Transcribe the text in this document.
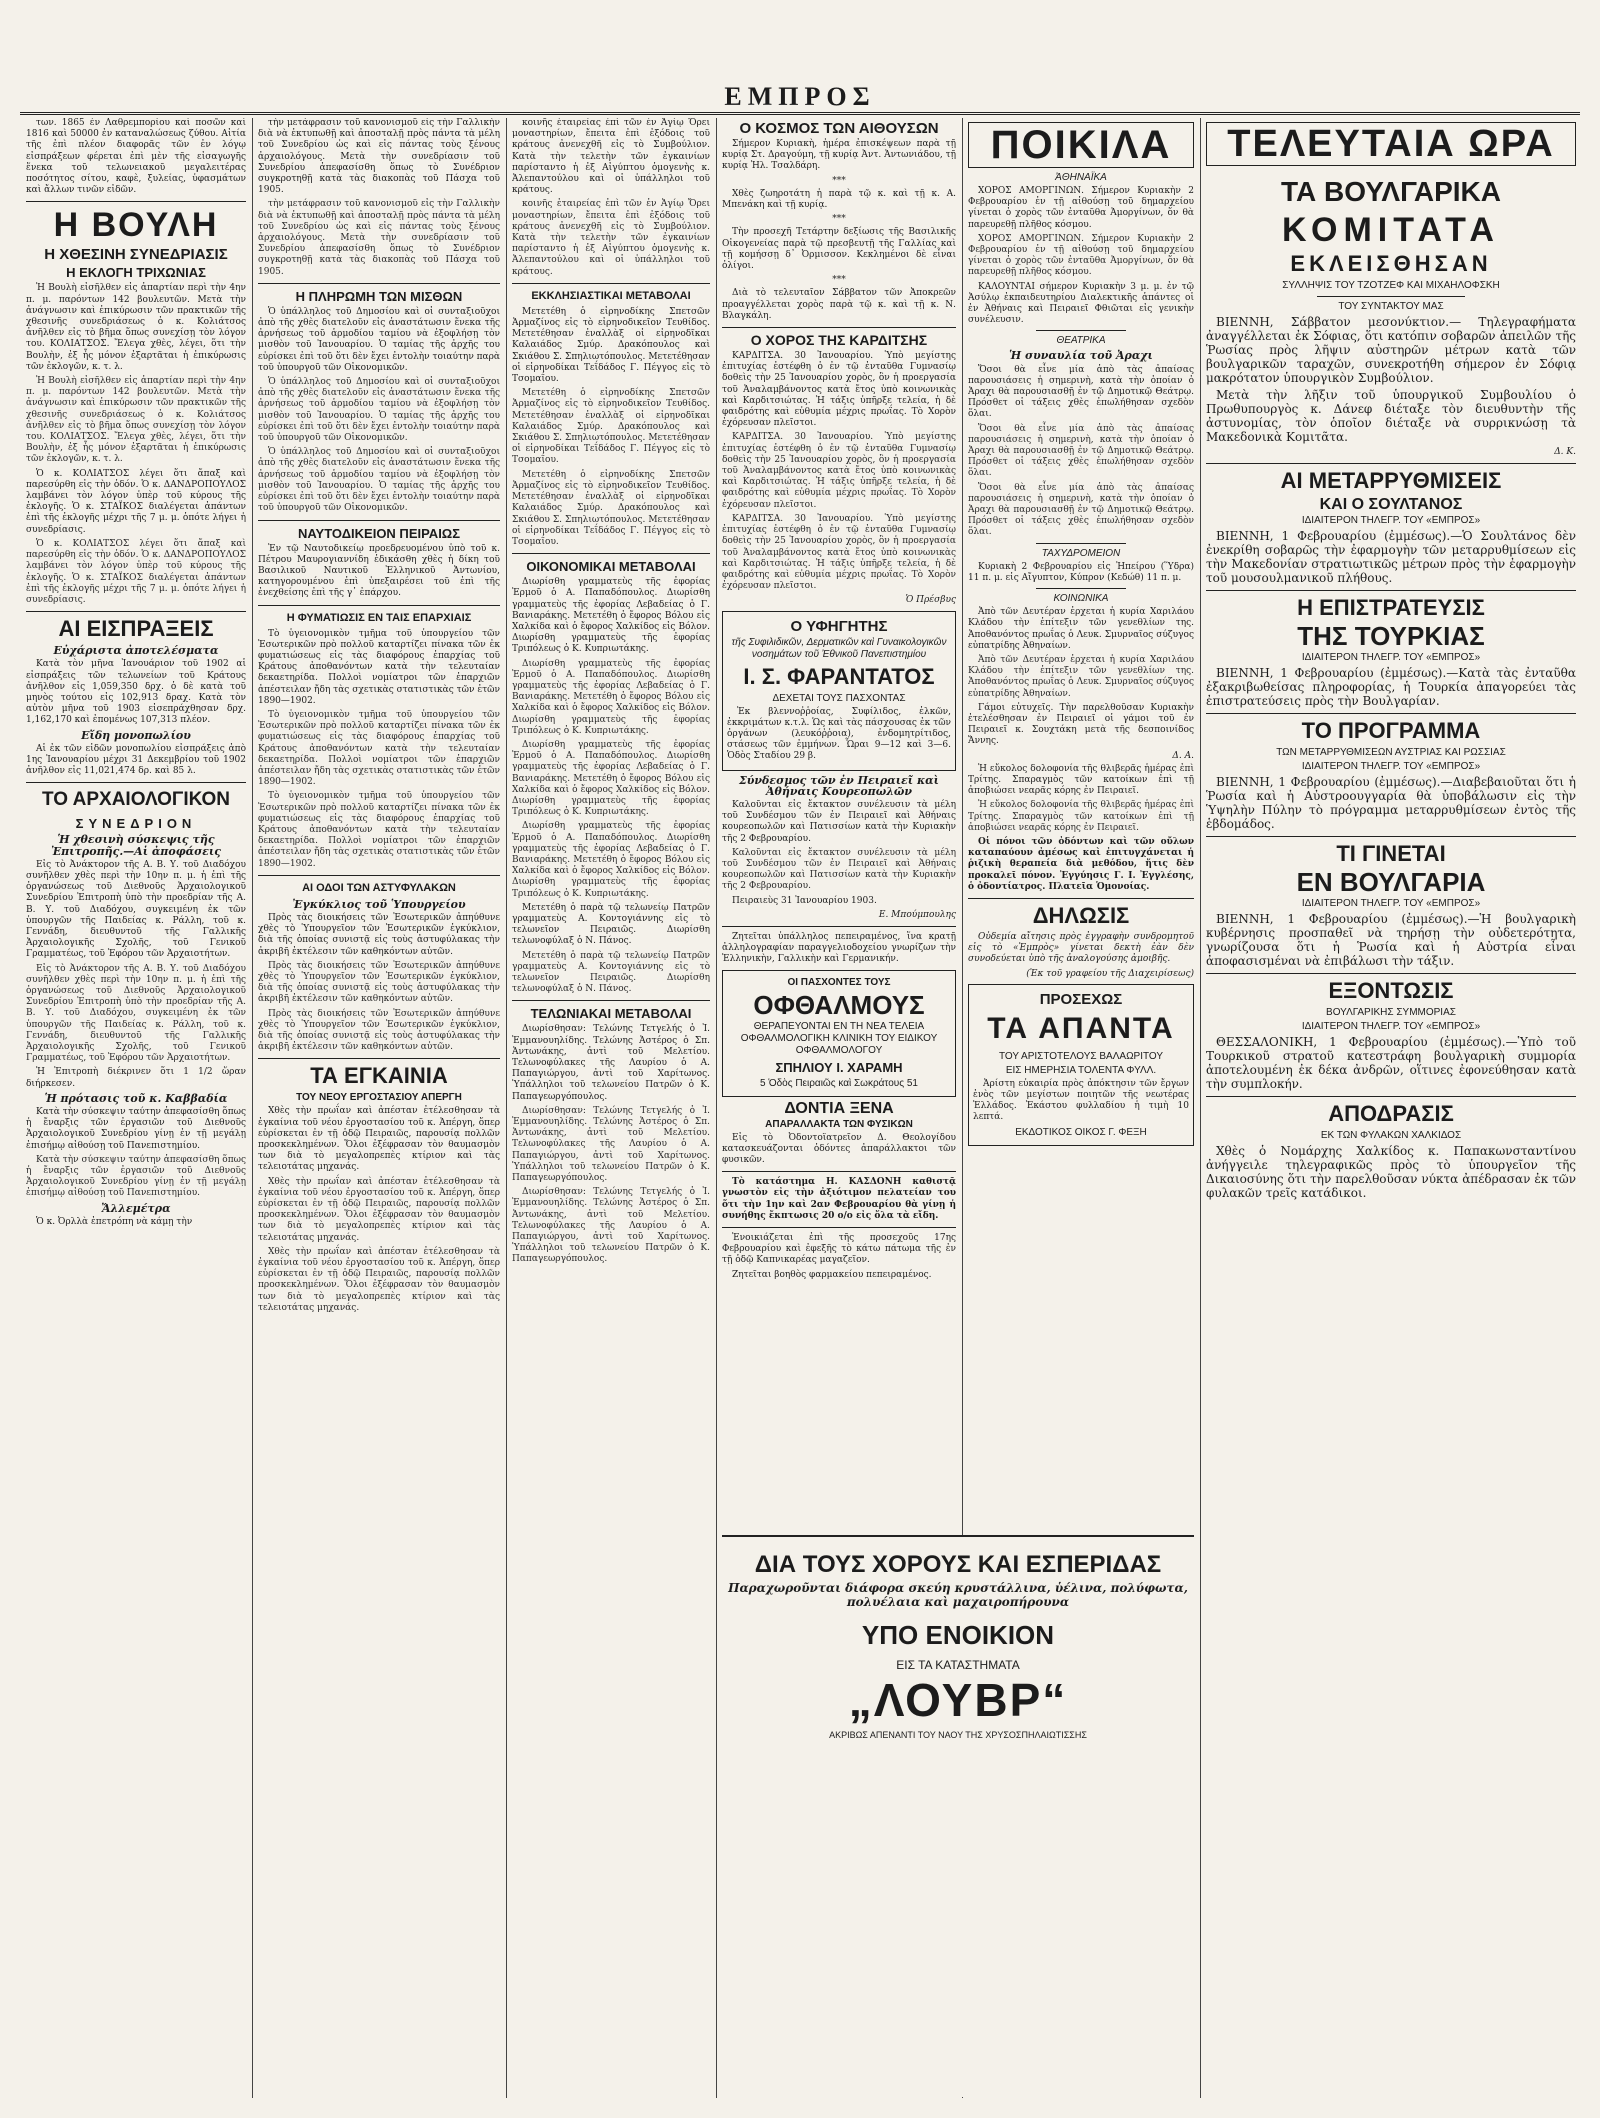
ΕΜΠΡΟΣ

των. 1865 ἐν Λαθρεμπορίου καὶ ποσῶν καὶ 1816 καὶ 50000 ἐν καταναλώσεως ζύθου. Αἰτία τῆς ἐπὶ πλέον διαφορᾶς τῶν ἐν λόγῳ εἰσπράξεων φέρεται ἐπὶ μὲν τῆς εἰσαγωγῆς ἕνεκα τοῦ τελωνειακοῦ μεγαλειτέρας ποσότητος σίτου, καφὲ, ξυλείας, ὑφασμάτων καὶ ἄλλων τινῶν εἰδῶν.

Η ΒΟΥΛΗ
Η ΧΘΕΣΙΝΗ ΣΥΝΕΔΡΙΑΣΙΣ
Η ΕΚΛΟΓΗ ΤΡΙΧΩΝΙΑΣ

Ἡ Βουλὴ εἰσῆλθεν εἰς ἀπαρτίαν περὶ τὴν 4ην π. μ. παρόντων 142 βουλευτῶν. Μετὰ τὴν ἀνάγνωσιν καὶ ἐπικύρωσιν τῶν πρακτικῶν τῆς χθεσινῆς συνεδριάσεως ὁ κ. Κολιάτσος ἀνῆλθεν εἰς τὸ βῆμα ὅπως συνεχίσῃ τὸν λόγον του. ΚΟΛΙΑΤΣΟΣ. Ἔλεγα χθὲς, λέγει, ὅτι τὴν Βουλὴν, ἐξ ἧς μόνον ἐξαρτᾶται ἡ ἐπικύρωσις τῶν ἐκλογῶν, κ. τ. λ.

Ἡ Βουλὴ εἰσῆλθεν εἰς ἀπαρτίαν περὶ τὴν 4ην π. μ. παρόντων 142 βουλευτῶν. Μετὰ τὴν ἀνάγνωσιν καὶ ἐπικύρωσιν τῶν πρακτικῶν τῆς χθεσινῆς συνεδριάσεως ὁ κ. Κολιάτσος ἀνῆλθεν εἰς τὸ βῆμα ὅπως συνεχίσῃ τὸν λόγον του. ΚΟΛΙΑΤΣΟΣ. Ἔλεγα χθὲς, λέγει, ὅτι τὴν Βουλὴν, ἐξ ἧς μόνον ἐξαρτᾶται ἡ ἐπικύρωσις τῶν ἐκλογῶν, κ. τ. λ.

Ὁ κ. ΚΟΛΙΑΤΣΟΣ λέγει ὅτι ἄπαξ καὶ παρεσύρθη εἰς τὴν ὁδόν. Ὁ κ. ΔΑΝΔΡΟΠΟΥΛΟΣ λαμβάνει τὸν λόγον ὑπὲρ τοῦ κύρους τῆς ἐκλογῆς. Ὁ κ. ΣΤΑΪΚΟΣ διαλέγεται ἀπάντων ἐπὶ τῆς ἐκλογῆς μέχρι τῆς 7 μ. μ. ὁπότε λήγει ἡ συνεδρίασις.

Ὁ κ. ΚΟΛΙΑΤΣΟΣ λέγει ὅτι ἄπαξ καὶ παρεσύρθη εἰς τὴν ὁδόν. Ὁ κ. ΔΑΝΔΡΟΠΟΥΛΟΣ λαμβάνει τὸν λόγον ὑπὲρ τοῦ κύρους τῆς ἐκλογῆς. Ὁ κ. ΣΤΑΪΚΟΣ διαλέγεται ἀπάντων ἐπὶ τῆς ἐκλογῆς μέχρι τῆς 7 μ. μ. ὁπότε λήγει ἡ συνεδρίασις.

ΑΙ ΕΙΣΠΡΑΞΕΙΣ
Εὐχάριστα ἀποτελέσματα

Κατὰ τὸν μῆνα Ἰανουάριον τοῦ 1902 αἱ εἰσπράξεις τῶν τελωνείων τοῦ Κράτους ἀνῆλθον εἰς 1,059,350 δρχ. ὁ δὲ κατὰ τοῦ μηνὸς τούτου εἰς 102,913 δραχ. Κατὰ τὸν αὐτὸν μῆνα τοῦ 1903 εἰσεπράχθησαν δρχ. 1,162,170 καὶ ἐπομένως 107,313 πλέον.

Εἴδη μονοπωλίου

Αἱ ἐκ τῶν εἰδῶν μονοπωλίου εἰσπράξεις ἀπὸ 1ης Ἰανουαρίου μέχρι 31 Δεκεμβρίου τοῦ 1902 ἀνῆλθον εἰς 11,021,474 δρ. καὶ 85 λ.

ΤΟ ΑΡΧΑΙΟΛΟΓΙΚΟΝ
ΣΥΝΕΔΡΙΟΝ
Ἡ χθεσινὴ σύσκεψις τῆς Ἐπιτροπῆς.—Αἱ ἀποφάσεις

Εἰς τὸ Ἀνάκτορον τῆς Α. Β. Υ. τοῦ Διαδόχου συνῆλθεν χθὲς περὶ τὴν 10ην π. μ. ἡ ἐπὶ τῆς ὀργανώσεως τοῦ Διεθνοῦς Ἀρχαιολογικοῦ Συνεδρίου Ἐπιτροπὴ ὑπὸ τὴν προεδρίαν τῆς Α. Β. Υ. τοῦ Διαδόχου, συγκειμένη ἐκ τῶν ὑπουργῶν τῆς Παιδείας κ. Ράλλη, τοῦ κ. Γεννάδη, διευθυντοῦ τῆς Γαλλικῆς Ἀρχαιολογικῆς Σχολῆς, τοῦ Γενικοῦ Γραμματέως, τοῦ Ἐφόρου τῶν Ἀρχαιοτήτων.

Εἰς τὸ Ἀνάκτορον τῆς Α. Β. Υ. τοῦ Διαδόχου συνῆλθεν χθὲς περὶ τὴν 10ην π. μ. ἡ ἐπὶ τῆς ὀργανώσεως τοῦ Διεθνοῦς Ἀρχαιολογικοῦ Συνεδρίου Ἐπιτροπὴ ὑπὸ τὴν προεδρίαν τῆς Α. Β. Υ. τοῦ Διαδόχου, συγκειμένη ἐκ τῶν ὑπουργῶν τῆς Παιδείας κ. Ράλλη, τοῦ κ. Γεννάδη, διευθυντοῦ τῆς Γαλλικῆς Ἀρχαιολογικῆς Σχολῆς, τοῦ Γενικοῦ Γραμματέως, τοῦ Ἐφόρου τῶν Ἀρχαιοτήτων.

Ἡ Ἐπιτροπὴ διέκρινεν ὅτι 1 1/2 ὥραν διήρκεσεν.

Ἡ πρότασις τοῦ κ. Καββαδία

Κατὰ τὴν σύσκεψιν ταύτην ἀπεφασίσθη ὅπως ἡ ἔναρξις τῶν ἐργασιῶν τοῦ Διεθνοῦς Ἀρχαιολογικοῦ Συνεδρίου γίνῃ ἐν τῇ μεγάλῃ ἐπισήμῳ αἰθούσῃ τοῦ Πανεπιστημίου.

Κατὰ τὴν σύσκεψιν ταύτην ἀπεφασίσθη ὅπως ἡ ἔναρξις τῶν ἐργασιῶν τοῦ Διεθνοῦς Ἀρχαιολογικοῦ Συνεδρίου γίνῃ ἐν τῇ μεγάλῃ ἐπισήμῳ αἰθούσῃ τοῦ Πανεπιστημίου.

Ἄλλεμέτρα

Ὁ κ. Ὀρλλὰ ἐπετρόπη νὰ κάμῃ τὴν

τὴν μετάφρασιν τοῦ κανονισμοῦ εἰς τὴν Γαλλικὴν διὰ νὰ ἐκτυπωθῇ καὶ ἀποσταλῇ πρὸς πάντα τὰ μέλη τοῦ Συνεδρίου ὡς καὶ εἰς πάντας τοὺς ξένους ἀρχαιολόγους. Μετὰ τὴν συνεδρίασιν τοῦ Συνεδρίου ἀπεφασίσθη ὅπως τὸ Συνέδριον συγκροτηθῇ κατὰ τὰς διακοπὰς τοῦ Πάσχα τοῦ 1905.

τὴν μετάφρασιν τοῦ κανονισμοῦ εἰς τὴν Γαλλικὴν διὰ νὰ ἐκτυπωθῇ καὶ ἀποσταλῇ πρὸς πάντα τὰ μέλη τοῦ Συνεδρίου ὡς καὶ εἰς πάντας τοὺς ξένους ἀρχαιολόγους. Μετὰ τὴν συνεδρίασιν τοῦ Συνεδρίου ἀπεφασίσθη ὅπως τὸ Συνέδριον συγκροτηθῇ κατὰ τὰς διακοπὰς τοῦ Πάσχα τοῦ 1905.

Η ΠΛΗΡΩΜΗ ΤΩΝ ΜΙΣΘΩΝ

Ὁ ὑπάλληλος τοῦ Δημοσίου καὶ οἱ συνταξιοῦχοι ἀπὸ τῆς χθὲς διατελοῦν εἰς ἀναστάτωσιν ἕνεκα τῆς ἀρνήσεως τοῦ ἁρμοδίου ταμίου νὰ ἐξοφλήσῃ τὸν μισθὸν τοῦ Ἰανουαρίου. Ὁ ταμίας τῆς ἀρχῆς του εὑρίσκει ἐπὶ τοῦ ὅτι δὲν ἔχει ἐντολὴν τοιαύτην παρὰ τοῦ ὑπουργοῦ τῶν Οἰκονομικῶν.

Ὁ ὑπάλληλος τοῦ Δημοσίου καὶ οἱ συνταξιοῦχοι ἀπὸ τῆς χθὲς διατελοῦν εἰς ἀναστάτωσιν ἕνεκα τῆς ἀρνήσεως τοῦ ἁρμοδίου ταμίου νὰ ἐξοφλήσῃ τὸν μισθὸν τοῦ Ἰανουαρίου. Ὁ ταμίας τῆς ἀρχῆς του εὑρίσκει ἐπὶ τοῦ ὅτι δὲν ἔχει ἐντολὴν τοιαύτην παρὰ τοῦ ὑπουργοῦ τῶν Οἰκονομικῶν.

Ὁ ὑπάλληλος τοῦ Δημοσίου καὶ οἱ συνταξιοῦχοι ἀπὸ τῆς χθὲς διατελοῦν εἰς ἀναστάτωσιν ἕνεκα τῆς ἀρνήσεως τοῦ ἁρμοδίου ταμίου νὰ ἐξοφλήσῃ τὸν μισθὸν τοῦ Ἰανουαρίου. Ὁ ταμίας τῆς ἀρχῆς του εὑρίσκει ἐπὶ τοῦ ὅτι δὲν ἔχει ἐντολὴν τοιαύτην παρὰ τοῦ ὑπουργοῦ τῶν Οἰκονομικῶν.

ΝΑΥΤΟΔΙΚΕΙΟΝ ΠΕΙΡΑΙΩΣ

Ἐν τῷ Ναυτοδικείῳ προεδρευομένου ὑπὸ τοῦ κ. Πέτρου Μαυρογιαννίδη ἐδικάσθη χθὲς ἡ δίκη τοῦ Βασιλικοῦ Ναυτικοῦ Ἐλληνικοῦ Ἀντωνίου, κατηγορουμένου ἐπὶ ὑπεξαιρέσει τοῦ ἐπὶ τῆς ἐνεχθείσης ἐπὶ τῆς γ᾽ ἐπάρχου.

Η ΦΥΜΑΤΙΩΣΙΣ ΕΝ ΤΑΙΣ ΕΠΑΡΧΙΑΙΣ

Τὸ ὑγειονομικὸν τμῆμα τοῦ ὑπουργείου τῶν Ἐσωτερικῶν πρὸ πολλοῦ καταρτίζει πίνακα τῶν ἐκ φυματιώσεως εἰς τὰς διαφόρους ἐπαρχίας τοῦ Κράτους ἀποθανόντων κατὰ τὴν τελευταίαν δεκαετηρίδα. Πολλοὶ νομίατροι τῶν ἐπαρχιῶν ἀπέστειλαν ἤδη τὰς σχετικὰς στατιστικὰς τῶν ἐτῶν 1890—1902.

Τὸ ὑγειονομικὸν τμῆμα τοῦ ὑπουργείου τῶν Ἐσωτερικῶν πρὸ πολλοῦ καταρτίζει πίνακα τῶν ἐκ φυματιώσεως εἰς τὰς διαφόρους ἐπαρχίας τοῦ Κράτους ἀποθανόντων κατὰ τὴν τελευταίαν δεκαετηρίδα. Πολλοὶ νομίατροι τῶν ἐπαρχιῶν ἀπέστειλαν ἤδη τὰς σχετικὰς στατιστικὰς τῶν ἐτῶν 1890—1902.

Τὸ ὑγειονομικὸν τμῆμα τοῦ ὑπουργείου τῶν Ἐσωτερικῶν πρὸ πολλοῦ καταρτίζει πίνακα τῶν ἐκ φυματιώσεως εἰς τὰς διαφόρους ἐπαρχίας τοῦ Κράτους ἀποθανόντων κατὰ τὴν τελευταίαν δεκαετηρίδα. Πολλοὶ νομίατροι τῶν ἐπαρχιῶν ἀπέστειλαν ἤδη τὰς σχετικὰς στατιστικὰς τῶν ἐτῶν 1890—1902.

ΑΙ ΟΔΟΙ ΤΩΝ ΑΣΤΥΦΥΛΑΚΩΝ
Ἐγκύκλιος τοῦ Ὑπουργείου

Πρὸς τὰς διοικήσεις τῶν Ἐσωτερικῶν ἀπηύθυνε χθὲς τὸ Ὑπουργεῖον τῶν Ἐσωτερικῶν ἐγκύκλιον, διὰ τῆς ὁποίας συνιστᾷ εἰς τοὺς ἀστυφύλακας τὴν ἀκριβῆ ἐκτέλεσιν τῶν καθηκόντων αὐτῶν.

Πρὸς τὰς διοικήσεις τῶν Ἐσωτερικῶν ἀπηύθυνε χθὲς τὸ Ὑπουργεῖον τῶν Ἐσωτερικῶν ἐγκύκλιον, διὰ τῆς ὁποίας συνιστᾷ εἰς τοὺς ἀστυφύλακας τὴν ἀκριβῆ ἐκτέλεσιν τῶν καθηκόντων αὐτῶν.

Πρὸς τὰς διοικήσεις τῶν Ἐσωτερικῶν ἀπηύθυνε χθὲς τὸ Ὑπουργεῖον τῶν Ἐσωτερικῶν ἐγκύκλιον, διὰ τῆς ὁποίας συνιστᾷ εἰς τοὺς ἀστυφύλακας τὴν ἀκριβῆ ἐκτέλεσιν τῶν καθηκόντων αὐτῶν.

ΤΑ ΕΓΚΑΙΝΙΑ
ΤΟΥ ΝΕΟΥ ΕΡΓΟΣΤΑΣΙΟΥ ΑΠΕΡΓΗ

Χθὲς τὴν πρωΐαν καὶ ἀπέσταν ἐτέλεσθησαν τὰ ἐγκαίνια τοῦ νέου ἐργοστασίου τοῦ κ. Ἀπέργη, ὅπερ εὑρίσκεται ἐν τῇ ὁδῷ Πειραιῶς, παρουσίᾳ πολλῶν προσκεκλημένων. Ὅλοι ἐξέφρασαν τὸν θαυμασμὸν των διὰ τὸ μεγαλοπρεπὲς κτίριον καὶ τὰς τελειοτάτας μηχανάς.

Χθὲς τὴν πρωΐαν καὶ ἀπέσταν ἐτέλεσθησαν τὰ ἐγκαίνια τοῦ νέου ἐργοστασίου τοῦ κ. Ἀπέργη, ὅπερ εὑρίσκεται ἐν τῇ ὁδῷ Πειραιῶς, παρουσίᾳ πολλῶν προσκεκλημένων. Ὅλοι ἐξέφρασαν τὸν θαυμασμὸν των διὰ τὸ μεγαλοπρεπὲς κτίριον καὶ τὰς τελειοτάτας μηχανάς.

Χθὲς τὴν πρωΐαν καὶ ἀπέσταν ἐτέλεσθησαν τὰ ἐγκαίνια τοῦ νέου ἐργοστασίου τοῦ κ. Ἀπέργη, ὅπερ εὑρίσκεται ἐν τῇ ὁδῷ Πειραιῶς, παρουσίᾳ πολλῶν προσκεκλημένων. Ὅλοι ἐξέφρασαν τὸν θαυμασμὸν των διὰ τὸ μεγαλοπρεπὲς κτίριον καὶ τὰς τελειοτάτας μηχανάς.

κοινῆς ἑταιρείας ἐπὶ τῶν ἐν Ἀγίῳ Ὄρει μοναστηρίων, ἔπειτα ἐπὶ ἐξόδοις τοῦ κράτους ἀνενεχθῆ εἰς τὸ Συμβούλιον. Κατὰ τὴν τελετὴν τῶν ἐγκαινίων παρίσταντο ἡ ἐξ Αἰγύπτου ὁμογενὴς κ. Ἀλεπαντούλου καὶ οἱ ὑπάλληλοι τοῦ κράτους.

κοινῆς ἑταιρείας ἐπὶ τῶν ἐν Ἀγίῳ Ὄρει μοναστηρίων, ἔπειτα ἐπὶ ἐξόδοις τοῦ κράτους ἀνενεχθῆ εἰς τὸ Συμβούλιον. Κατὰ τὴν τελετὴν τῶν ἐγκαινίων παρίσταντο ἡ ἐξ Αἰγύπτου ὁμογενὴς κ. Ἀλεπαντούλου καὶ οἱ ὑπάλληλοι τοῦ κράτους.

ΕΚΚΛΗΣΙΑΣΤΙΚΑΙ ΜΕΤΑΒΟΛΑΙ

Μετετέθη ὁ εἰρηνοδίκης Σπετσῶν Ἀρμαζίνος εἰς τὸ εἰρηνοδικεῖον Τευθίδος. Μετετέθησαν ἐναλλὰξ οἱ εἰρηνοδῖκαι Καλαιάδος Σμύρ. Δρακόπουλος καὶ Σκιάθου Σ. Σπηλιωτόπουλος. Μετετέθησαν οἱ εἰρηνοδίκαι Τεΐδάδος Γ. Πέγγος εἰς τὸ Τσομαΐου.

Μετετέθη ὁ εἰρηνοδίκης Σπετσῶν Ἀρμαζίνος εἰς τὸ εἰρηνοδικεῖον Τευθίδος. Μετετέθησαν ἐναλλὰξ οἱ εἰρηνοδῖκαι Καλαιάδος Σμύρ. Δρακόπουλος καὶ Σκιάθου Σ. Σπηλιωτόπουλος. Μετετέθησαν οἱ εἰρηνοδίκαι Τεΐδάδος Γ. Πέγγος εἰς τὸ Τσομαΐου.

Μετετέθη ὁ εἰρηνοδίκης Σπετσῶν Ἀρμαζίνος εἰς τὸ εἰρηνοδικεῖον Τευθίδος. Μετετέθησαν ἐναλλὰξ οἱ εἰρηνοδῖκαι Καλαιάδος Σμύρ. Δρακόπουλος καὶ Σκιάθου Σ. Σπηλιωτόπουλος. Μετετέθησαν οἱ εἰρηνοδίκαι Τεΐδάδος Γ. Πέγγος εἰς τὸ Τσομαΐου.

ΟΙΚΟΝΟΜΙΚΑΙ ΜΕΤΑΒΟΛΑΙ

Διωρίσθη γραμματεὺς τῆς ἐφορίας Ἐρμοῦ ὁ Α. Παπαδόπουλος. Διωρίσθη γραμματεὺς τῆς ἐφορίας Λεβαδείας ὁ Γ. Βανιαράκης. Μετετέθη ὁ ἔφορος Βόλου εἰς Χαλκίδα καὶ ὁ ἔφορος Χαλκίδος εἰς Βόλον. Διωρίσθη γραμματεὺς τῆς ἐφορίας Τριπόλεως ὁ Κ. Κυπριωτάκης.

Διωρίσθη γραμματεὺς τῆς ἐφορίας Ἐρμοῦ ὁ Α. Παπαδόπουλος. Διωρίσθη γραμματεὺς τῆς ἐφορίας Λεβαδείας ὁ Γ. Βανιαράκης. Μετετέθη ὁ ἔφορος Βόλου εἰς Χαλκίδα καὶ ὁ ἔφορος Χαλκίδος εἰς Βόλον. Διωρίσθη γραμματεὺς τῆς ἐφορίας Τριπόλεως ὁ Κ. Κυπριωτάκης.

Διωρίσθη γραμματεὺς τῆς ἐφορίας Ἐρμοῦ ὁ Α. Παπαδόπουλος. Διωρίσθη γραμματεὺς τῆς ἐφορίας Λεβαδείας ὁ Γ. Βανιαράκης. Μετετέθη ὁ ἔφορος Βόλου εἰς Χαλκίδα καὶ ὁ ἔφορος Χαλκίδος εἰς Βόλον. Διωρίσθη γραμματεὺς τῆς ἐφορίας Τριπόλεως ὁ Κ. Κυπριωτάκης.

Διωρίσθη γραμματεὺς τῆς ἐφορίας Ἐρμοῦ ὁ Α. Παπαδόπουλος. Διωρίσθη γραμματεὺς τῆς ἐφορίας Λεβαδείας ὁ Γ. Βανιαράκης. Μετετέθη ὁ ἔφορος Βόλου εἰς Χαλκίδα καὶ ὁ ἔφορος Χαλκίδος εἰς Βόλον. Διωρίσθη γραμματεὺς τῆς ἐφορίας Τριπόλεως ὁ Κ. Κυπριωτάκης.

Μετετέθη ὁ παρὰ τῷ τελωνείῳ Πατρῶν γραμματεὺς Α. Κοντογιάννης εἰς τὸ τελωνεῖον Πειραιῶς. Διωρίσθη τελωνοφύλαξ ὁ Ν. Πάνος.

Μετετέθη ὁ παρὰ τῷ τελωνείῳ Πατρῶν γραμματεὺς Α. Κοντογιάννης εἰς τὸ τελωνεῖον Πειραιῶς. Διωρίσθη τελωνοφύλαξ ὁ Ν. Πάνος.

ΤΕΛΩΝΙΑΚΑΙ ΜΕΤΑΒΟΛΑΙ

Διωρίσθησαν: Τελώνης Τετγελής ὁ Ἰ. Ἐμμανουηλίδης. Τελώνης Ἀστέρος ὁ Σπ. Ἀντωνάκης, ἀντὶ τοῦ Μελετίου. Τελωνοφύλακες τῆς Λαυρίου ὁ Α. Παπαγιώργου, ἀντὶ τοῦ Χαρίτωνος. Ὑπάλληλοι τοῦ τελωνείου Πατρῶν ὁ Κ. Παπαγεωργόπουλος.

Διωρίσθησαν: Τελώνης Τετγελής ὁ Ἰ. Ἐμμανουηλίδης. Τελώνης Ἀστέρος ὁ Σπ. Ἀντωνάκης, ἀντὶ τοῦ Μελετίου. Τελωνοφύλακες τῆς Λαυρίου ὁ Α. Παπαγιώργου, ἀντὶ τοῦ Χαρίτωνος. Ὑπάλληλοι τοῦ τελωνείου Πατρῶν ὁ Κ. Παπαγεωργόπουλος.

Διωρίσθησαν: Τελώνης Τετγελής ὁ Ἰ. Ἐμμανουηλίδης. Τελώνης Ἀστέρος ὁ Σπ. Ἀντωνάκης, ἀντὶ τοῦ Μελετίου. Τελωνοφύλακες τῆς Λαυρίου ὁ Α. Παπαγιώργου, ἀντὶ τοῦ Χαρίτωνος. Ὑπάλληλοι τοῦ τελωνείου Πατρῶν ὁ Κ. Παπαγεωργόπουλος.

Ο ΚΟΣΜΟΣ ΤΩΝ ΑΙΘΟΥΣΩΝ

Σήμερον Κυριακὴ, ἡμέρα ἐπισκέψεων παρὰ τῇ κυρίᾳ Στ. Δραγούμη, τῇ κυρίᾳ Ἀντ. Ἀντωνιάδου, τῇ κυρίᾳ Ἡλ. Τσαλδάρη.

***

Χθὲς ζωηροτάτη ἡ παρὰ τῷ κ. καὶ τῇ κ. Α. Μπενάκη καὶ τῇ κυρίᾳ.

***

Τὴν προσεχῆ Τετάρτην δεξίωσις τῆς Βασιλικῆς Οἰκογενείας παρὰ τῷ πρεσβευτῇ τῆς Γαλλίας καὶ τῇ κομήσσῃ δ᾽ Ὀρμισσον. Κεκλημένοι δὲ εἶναι ὀλίγοι.

***

Διὰ τὸ τελευταῖον Σάββατον τῶν Ἀποκρεῶν προαγγέλλεται χορὸς παρὰ τῷ κ. καὶ τῇ κ. Ν. Βλαγκάλη.

Ο ΧΟΡΟΣ ΤΗΣ ΚΑΡΔΙΤΣΗΣ

ΚΑΡΔΙΤΣΑ. 30 Ἰανουαρίου. Ὑπὸ μεγίστης ἐπιτυχίας ἐστέφθη ὁ ἐν τῷ ἐνταῦθα Γυμνασίῳ δοθεὶς τὴν 25 Ἰανουαρίου χορὸς, ὃν ἡ προεργασία τοῦ Ἀναλαμβάνοντος κατὰ ἔτος ὑπὸ κοινωνικὰς καὶ Καρδιτσιώτας. Ἡ τάξις ὑπῆρξε τελεία, ἡ δὲ φαιδρότης καὶ εὐθυμία μέχρις πρωΐας. Τὸ Χορὸν ἐχόρευσαν πλεῖστοι.

ΚΑΡΔΙΤΣΑ. 30 Ἰανουαρίου. Ὑπὸ μεγίστης ἐπιτυχίας ἐστέφθη ὁ ἐν τῷ ἐνταῦθα Γυμνασίῳ δοθεὶς τὴν 25 Ἰανουαρίου χορὸς, ὃν ἡ προεργασία τοῦ Ἀναλαμβάνοντος κατὰ ἔτος ὑπὸ κοινωνικὰς καὶ Καρδιτσιώτας. Ἡ τάξις ὑπῆρξε τελεία, ἡ δὲ φαιδρότης καὶ εὐθυμία μέχρις πρωΐας. Τὸ Χορὸν ἐχόρευσαν πλεῖστοι.

ΚΑΡΔΙΤΣΑ. 30 Ἰανουαρίου. Ὑπὸ μεγίστης ἐπιτυχίας ἐστέφθη ὁ ἐν τῷ ἐνταῦθα Γυμνασίῳ δοθεὶς τὴν 25 Ἰανουαρίου χορὸς, ὃν ἡ προεργασία τοῦ Ἀναλαμβάνοντος κατὰ ἔτος ὑπὸ κοινωνικὰς καὶ Καρδιτσιώτας. Ἡ τάξις ὑπῆρξε τελεία, ἡ δὲ φαιδρότης καὶ εὐθυμία μέχρις πρωΐας. Τὸ Χορὸν ἐχόρευσαν πλεῖστοι.

Ὁ Πρέσβυς
Ο ΥΦΗΓΗΤΗΣ
τῆς Συφιλιδικῶν, Δερματικῶν καὶ Γυναικολογικῶν νοσημάτων τοῦ Ἐθνικοῦ Πανεπιστημίου
Ι. Σ. ΦΑΡΑΝΤΑΤΟΣ
ΔΕΧΕΤΑΙ ΤΟΥΣ ΠΑΣΧΟΝΤΑΣ

Ἐκ βλεννοῤῥοίας, Συφίλιδος, ἑλκῶν, ἐκκριμάτων κ.τ.λ. Ὡς καὶ τὰς πάσχουσας ἐκ τῶν ὀργάνων (λευκόῤῥοια), ἐνδομητρίτιδος, στάσεως τῶν ἐμμήνων. Ὧραι 9—12 καὶ 3—6. Ὁδὸς Σταδίου 29 β.

Σύνδεσμος τῶν ἐν Πειραιεῖ καὶ Ἀθήναις Κουρεοπωλῶν

Καλοῦνται εἰς ἔκτακτον συνέλευσιν τὰ μέλη τοῦ Συνδέσμου τῶν ἐν Πειραιεῖ καὶ Ἀθήναις κουρεοπωλῶν καὶ Πατισσίων κατὰ τὴν Κυριακὴν τῆς 2 Φεβρουαρίου.

Καλοῦνται εἰς ἔκτακτον συνέλευσιν τὰ μέλη τοῦ Συνδέσμου τῶν ἐν Πειραιεῖ καὶ Ἀθήναις κουρεοπωλῶν καὶ Πατισσίων κατὰ τὴν Κυριακὴν τῆς 2 Φεβρουαρίου.

Πειραιεὺς 31 Ἰανουαρίου 1903.

Ε. Μπούμπουλης

Ζητεῖται ὑπάλληλος πεπειραμένος, ἵνα κρατῇ ἀλληλογραφίαν παραγγελιοδοχείου γνωρίζων τὴν Ἑλληνικὴν, Γαλλικὴν καὶ Γερμανικήν.

ΟΙ ΠΑΣΧΟΝΤΕΣ ΤΟΥΣ
ΟΦΘΑΛΜΟΥΣ
ΘΕΡΑΠΕΥΟΝΤΑΙ ΕΝ ΤΗ ΝΕΑ ΤΕΛΕΙΑ ΟΦΘΑΛΜΟΛΟΓΙΚΗ ΚΛΙΝΙΚΗ ΤΟΥ ΕΙΔΙΚΟΥ ΟΦΘΑΛΜΟΛΟΓΟΥ
ΣΠΗΛΙΟΥ Ι. ΧΑΡΑΜΗ
5 Ὁδὸς Πειραιῶς καὶ Σωκράτους 51
ΔΟΝΤΙΑ ΞΕΝΑ
ΑΠΑΡΑΛΛΑΚΤΑ ΤΩΝ ΦΥΣΙΚΩΝ

Εἰς τὸ Ὀδοντοϊατρεῖον Δ. Θεολογίδου κατασκευάζονται ὀδόντες ἀπαράλλακτοι τῶν φυσικῶν.

Τὸ κατάστημα Η. ΚΑΣΔΟΝΗ καθιστᾷ γνωστὸν εἰς τὴν ἀξιότιμον πελατείαν του ὅτι τὴν 1ην καὶ 2αν Φεβρουαρίου θὰ γίνῃ ἡ συνήθης ἔκπτωσις 20 ο/ο εἰς ὅλα τὰ εἴδη.

Ἐνοικιάζεται ἐπὶ τῆς προσεχοῦς 17ης Φεβρουαρίου καὶ ἐφεξῆς τὸ κάτω πάτωμα τῆς ἐν τῇ ὁδῷ Καπνικαρέας μαγαζεῖον.

Ζητεῖται βοηθὸς φαρμακείου πεπειραμένος.

ΠΟΙΚΙΛΑ
ἈΘΗΝΑΪΚΑ

ΧΟΡΟΣ ΑΜΟΡΓΙΝΩΝ. Σήμερον Κυριακὴν 2 Φεβρουαρίου ἐν τῇ αἰθούσῃ τοῦ δημαρχείου γίνεται ὁ χορὸς τῶν ἐνταῦθα Ἀμοργίνων, ὅν θὰ παρευρεθῇ πλῆθος κόσμου.

ΧΟΡΟΣ ΑΜΟΡΓΙΝΩΝ. Σήμερον Κυριακὴν 2 Φεβρουαρίου ἐν τῇ αἰθούσῃ τοῦ δημαρχείου γίνεται ὁ χορὸς τῶν ἐνταῦθα Ἀμοργίνων, ὅν θὰ παρευρεθῇ πλῆθος κόσμου.

ΚΑΛΟΥΝΤΑΙ σήμερον Κυριακὴν 3 μ. μ. ἐν τῷ Ἀσύλῳ ἐκπαιδευτηρίου Διαλεκτικῆς ἁπάντες οἱ ἐν Ἀθήναις καὶ Πειραιεῖ Φθιῶται εἰς γενικὴν συνέλευσιν.

ΘΕΑΤΡΙΚΑ
Ἡ συναυλία τοῦ Ἀραχι

Ὅσοι θὰ εἶνε μία ἀπὸ τὰς ἀπαίσας παρουσιάσεις ἡ σημερινὴ, κατὰ τὴν ὁποίαν ὁ Ἀραχι θὰ παρουσιασθῇ ἐν τῷ Δημοτικῷ Θεάτρῳ. Πρόσθετ οἱ τάξεις χθὲς ἐπωλήθησαν σχεδὸν ὅλαι.

Ὅσοι θὰ εἶνε μία ἀπὸ τὰς ἀπαίσας παρουσιάσεις ἡ σημερινὴ, κατὰ τὴν ὁποίαν ὁ Ἀραχι θὰ παρουσιασθῇ ἐν τῷ Δημοτικῷ Θεάτρῳ. Πρόσθετ οἱ τάξεις χθὲς ἐπωλήθησαν σχεδὸν ὅλαι.

Ὅσοι θὰ εἶνε μία ἀπὸ τὰς ἀπαίσας παρουσιάσεις ἡ σημερινὴ, κατὰ τὴν ὁποίαν ὁ Ἀραχι θὰ παρουσιασθῇ ἐν τῷ Δημοτικῷ Θεάτρῳ. Πρόσθετ οἱ τάξεις χθὲς ἐπωλήθησαν σχεδὸν ὅλαι.

ΤΑΧΥΔΡΟΜΕΙΟΝ

Κυριακὴ 2 Φεβρουαρίου εἰς Ἠπείρου (Ὕδρα) 11 π. μ. εἰς Αἴγυπτον, Κύπρον (Κεδώθ) 11 π. μ.

ΚΟΙΝΩΝΙΚΑ

Ἀπὸ τῶν Δευτέραν ἐρχεται ἡ κυρία Χαριλάου Κλάδου τὴν ἐπίτεξιν τῶν γενεθλίων της. Ἀποθανόντος πρωΐας ὁ Λευκ. Σμυρναῖος σύζυγος εὐπατρίδης Ἀθηναίων.

Ἀπὸ τῶν Δευτέραν ἐρχεται ἡ κυρία Χαριλάου Κλάδου τὴν ἐπίτεξιν τῶν γενεθλίων της. Ἀποθανόντος πρωΐας ὁ Λευκ. Σμυρναῖος σύζυγος εὐπατρίδης Ἀθηναίων.

Γάμοι εὐτυχεῖς. Τὴν παρελθοῦσαν Κυριακὴν ἐτελέσθησαν ἐν Πειραιεῖ οἱ γάμοι τοῦ ἐν Πειραιεῖ κ. Σουχτάκη μετὰ τῆς δεσποινίδος Ἄννης.

Δ. Α.

Ἡ εὔκολος δολοφονία τῆς θλιβερᾶς ἡμέρας ἐπὶ Τρίτης. Σπαραγμὸς τῶν κατοίκων ἐπὶ τῇ ἀποβιώσει νεαρᾶς κόρης ἐν Πειραιεῖ.

Ἡ εὔκολος δολοφονία τῆς θλιβερᾶς ἡμέρας ἐπὶ Τρίτης. Σπαραγμὸς τῶν κατοίκων ἐπὶ τῇ ἀποβιώσει νεαρᾶς κόρης ἐν Πειραιεῖ.

Οἱ πόνοι τῶν ὀδόντων καὶ τῶν οὔλων καταπαύουν ἀμέσως καὶ ἐπιτυγχάνεται ἡ ῥιζικὴ θεραπεία διὰ μεθόδου, ἥτις δὲν προκαλεῖ πόνον. Ἐγγύησις Γ. Ι. Ἐγγλέσης, ὁ ὀδοντίατρος. Πλατεῖα Ὁμονοίας.

ΔΗΛΩΣΙΣ

Οὐδεμία αἴτησις πρὸς ἐγγραφὴν συνδρομητοῦ εἰς τὸ «Ἐμπρὸς» γίνεται δεκτὴ ἐὰν δὲν συνοδεύεται ὑπὸ τῆς ἀναλογούσης ἀμοιβῆς.

(Ἐκ τοῦ γραφείου τῆς Διαχειρίσεως)
ΠΡΟΣΕΧΩΣ
ΤΑ ΑΠΑΝΤΑ
ΤΟΥ ΑΡΙΣΤΟΤΕΛΟΥΣ ΒΑΛΑΩΡΙΤΟΥ
ΕΙΣ ΗΜΕΡΗΣΙΑ ΤΟΛΕΝΤΑ ΦΥΛΛ.

Ἀρίστη εὐκαιρία πρὸς ἀπόκτησιν τῶν ἔργων ἑνὸς τῶν μεγίστων ποιητῶν τῆς νεωτέρας Ἑλλάδος. Ἑκάστου φυλλαδίου ἡ τιμὴ 10 λεπτά.

ΕΚΔΟΤΙΚΟΣ ΟΙΚΟΣ Γ. ΦΕΞΗ
ΔΙΑ ΤΟΥΣ ΧΟΡΟΥΣ ΚΑΙ ΕΣΠΕΡΙΔΑΣ
Παραχωροῦνται διάφορα σκεύη κρυστάλλινα, ὑέλινα, πολύφωτα, πολυέλαια καὶ μαχαιροπήρουνα
ΥΠΟ ΕΝΟΙΚΙΟΝ
ΕΙΣ ΤΑ ΚΑΤΑΣΤΗΜΑΤΑ
„ΛΟΥΒΡ“
ΑΚΡΙΒΩΣ ΑΠΕΝΑΝΤΙ ΤΟΥ ΝΑΟΥ ΤΗΣ ΧΡΥΣΟΣΠΗΛΑΙΩΤΙΣΣΗΣ
ΤΕΛΕΥΤΑΙΑ ΩΡΑ
ΤΑ ΒΟΥΛΓΑΡΙΚΑ
ΚΟΜΙΤΑΤΑ
ΕΚΛΕΙΣΘΗΣΑΝ
ΣΥΛΛΗΨΙΣ ΤΟΥ ΤΖΟΤΖΕΦ ΚΑΙ ΜΙΧΑΗΛΟΦΣΚΗ
ΤΟΥ ΣΥΝΤΑΚΤΟΥ ΜΑΣ

ΒΙΕΝΝΗ, Σάββατον μεσονύκτιον.— Τηλεγραφήματα ἀναγγέλλεται ἐκ Σόφιας, ὅτι κατόπιν σοβαρῶν ἀπειλῶν τῆς Ῥωσίας πρὸς λῆψιν αὐστηρῶν μέτρων κατὰ τῶν βουλγαρικῶν ταραχῶν, συνεκροτήθη σήμερον ἐν Σόφιᾳ μακρότατον ὑπουργικὸν Συμβούλιον.

Μετὰ τὴν λῆξιν τοῦ ὑπουργικοῦ Συμβουλίου ὁ Πρωθυπουργὸς κ. Δάνεφ διέταξε τὸν διευθυντὴν τῆς ἀστυνομίας, τὸν ὁποῖον διέταξε νὰ συρρικνώσῃ τὰ Μακεδονικὰ Κομιτᾶτα.

Δ. Κ.
ΑΙ ΜΕΤΑΡΡΥΘΜΙΣΕΙΣ
ΚΑΙ Ο ΣΟΥΛΤΑΝΟΣ
ΙΔΙΑΙΤΕΡΟΝ ΤΗΛΕΓΡ. ΤΟΥ «ΕΜΠΡΟΣ»

ΒΙΕΝΝΗ, 1 Φεβρουαρίου (ἐμμέσως).—Ὁ Σουλτάνος δὲν ἐνεκρίθη σοβαρῶς τὴν ἐφαρμογὴν τῶν μεταρρυθμίσεων εἰς τὴν Μακεδονίαν στρατιωτικῶς μέτρων πρὸς τὴν ἐφαρμογὴν τοῦ μουσουλμανικοῦ πλήθους.

Η ΕΠΙΣΤΡΑΤΕΥΣΙΣ
ΤΗΣ ΤΟΥΡΚΙΑΣ
ΙΔΙΑΙΤΕΡΟΝ ΤΗΛΕΓΡ. ΤΟΥ «ΕΜΠΡΟΣ»

ΒΙΕΝΝΗ, 1 Φεβρουαρίου (ἐμμέσως).—Κατὰ τὰς ἐνταῦθα ἐξακριβωθείσας πληροφορίας, ἡ Τουρκία ἀπαγορεύει τὰς ἐπιστρατεύσεις πρὸς τὴν Βουλγαρίαν.

ΤΟ ΠΡΟΓΡΑΜΜΑ
ΤΩΝ ΜΕΤΑΡΡΥΘΜΙΣΕΩΝ ΑΥΣΤΡΙΑΣ ΚΑΙ ΡΩΣΣΙΑΣ
ΙΔΙΑΙΤΕΡΟΝ ΤΗΛΕΓΡ. ΤΟΥ «ΕΜΠΡΟΣ»

ΒΙΕΝΝΗ, 1 Φεβρουαρίου (ἐμμέσως).—Διαβεβαιοῦται ὅτι ἡ Ῥωσία καὶ ἡ Αὐστροουγγαρία θὰ ὑποβάλωσιν εἰς τὴν Ὑψηλὴν Πύλην τὸ πρόγραμμα μεταρρυθμίσεων ἐντὸς τῆς ἑβδομάδος.

ΤΙ ΓΙΝΕΤΑΙ
ΕΝ ΒΟΥΛΓΑΡΙΑ
ΙΔΙΑΙΤΕΡΟΝ ΤΗΛΕΓΡ. ΤΟΥ «ΕΜΠΡΟΣ»

ΒΙΕΝΝΗ, 1 Φεβρουαρίου (ἐμμέσως).—Ἡ βουλγαρικὴ κυβέρνησις προσπαθεῖ νὰ τηρήσῃ τὴν οὐδετερότητα, γνωρίζουσα ὅτι ἡ Ῥωσία καὶ ἡ Αὐστρία εἶναι ἀποφασισμέναι νὰ ἐπιβάλωσι τὴν τάξιν.

ΕΞΟΝΤΩΣΙΣ
ΒΟΥΛΓΑΡΙΚΗΣ ΣΥΜΜΟΡΙΑΣ
ΙΔΙΑΙΤΕΡΟΝ ΤΗΛΕΓΡ. ΤΟΥ «ΕΜΠΡΟΣ»

ΘΕΣΣΑΛΟΝΙΚΗ, 1 Φεβρουαρίου (ἐμμέσως).—Ὑπὸ τοῦ Τουρκικοῦ στρατοῦ κατεστράφη βουλγαρικὴ συμμορία ἀποτελουμένη ἐκ δέκα ἀνδρῶν, οἵτινες ἐφονεύθησαν κατὰ τὴν συμπλοκήν.

ΑΠΟΔΡΑΣΙΣ
ΕΚ ΤΩΝ ΦΥΛΑΚΩΝ ΧΑΛΚΙΔΟΣ

Χθὲς ὁ Νομάρχης Χαλκίδος κ. Παπακωνσταντίνου ἀνήγγειλε τηλεγραφικῶς πρὸς τὸ ὑπουργεῖον τῆς Δικαιοσύνης ὅτι τὴν παρελθοῦσαν νύκτα ἀπέδρασαν ἐκ τῶν φυλακῶν τρεῖς κατάδικοι.
